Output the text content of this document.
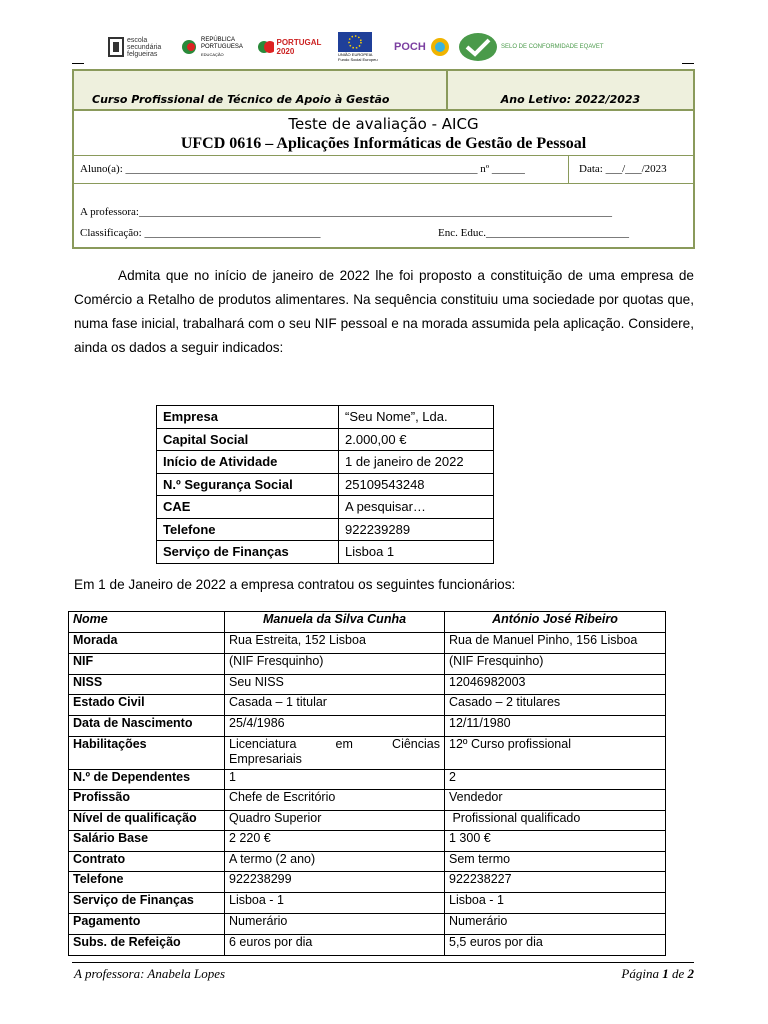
escola
secundária
felgueiras
REPÚBLICA
PORTUGUESA
EDUCAÇÃO
PORTUGAL 2020	UNIÃO EUROPEIA
Fundo Social Europeu
POCH	SELO DE CONFORMIDADE EQAVET
Curso Profissional de Técnico de Apoio à Gestão	Ano Letivo: 2022/2023
Teste de avaliação - AICG
UFCD 0616 – Aplicações Informáticas de Gestão de Pessoal
Aluno(a): ________________________________________________________________ nº ______	Data: ___/___/2023
A professora:______________________________________________________________________________________
Classificação: ________________________________	Enc. Educ.__________________________
Admita que no início de janeiro de 2022 lhe foi proposto a constituição de uma empresa de Comércio a Retalho de produtos alimentares. Na sequência constituiu uma sociedade por quotas que, numa fase inicial, trabalhará com o seu NIF pessoal e na morada assumida pela aplicação. Considere, ainda os dados a seguir indicados:
Empresa	“Seu Nome”, Lda.
Capital Social	2.000,00 €
Início de Atividade	1 de janeiro de 2022
N.º Segurança Social	25109543248
CAE	A pesquisar…
Telefone	922239289
Serviço de Finanças	Lisboa 1
Em 1 de Janeiro de 2022 a empresa contratou os seguintes funcionários:
Nome	Manuela da Silva Cunha	António José Ribeiro
Morada	Rua Estreita, 152 Lisboa	Rua de Manuel Pinho, 156 Lisboa

NIF	(NIF Fresquinho)	(NIF Fresquinho)
NISS	Seu NISS	12046982003
Estado Civil	Casada – 1 titular	Casado – 2 titulares
Data de Nascimento	25/4/1986	12/11/1980
Habilitações	Licenciatura em Ciências Empresariais	12º Curso profissional
N.º de Dependentes	1	2
Profissão	Chefe de Escritório	Vendedor
Nível de qualificação	Quadro Superior	Profissional qualificado
Salário Base	2 220 €	1 300 €
Contrato	A termo (2 ano)	Sem termo
Telefone	922238299	922238227
Serviço de Finanças	Lisboa - 1	Lisboa - 1
Pagamento	Numerário	Numerário
Subs. de Refeição	6 euros por dia	5,5 euros por dia
A professora: Anabela Lopes	Página 1 de 2
